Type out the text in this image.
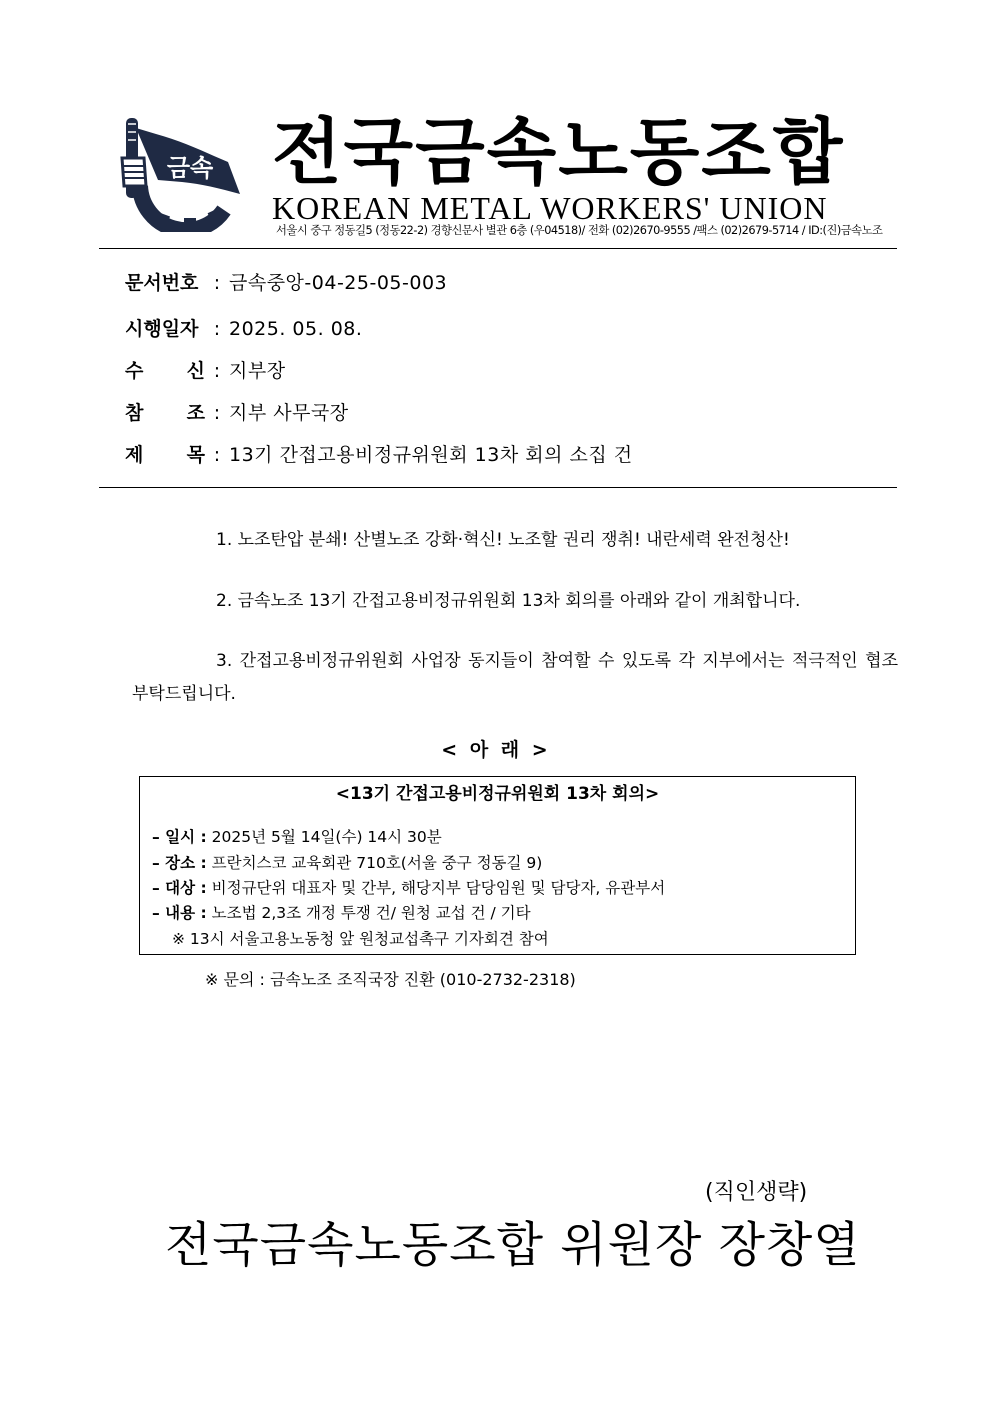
금속 전국금속노동조합
KOREAN METAL WORKERS' UNION
서울시 중구 정동길5 (정동22-2) 경향신문사 별관 6층 (우04518)/ 전화 (02)2670-9555 /팩스 (02)2679-5714 / ID:(진)금속노조
문서번호 : 금속중앙-04-25-05-003
시행일자 : 2025. 05. 08.
수 신 : 지부장
참 조 : 지부 사무국장
제 목 : 13기 간접고용비정규위원회 13차 회의 소집 건
1. 노조탄압 분쇄! 산별노조 강화·혁신! 노조할 권리 쟁취! 내란세력 완전청산!
2. 금속노조 13기 간접고용비정규위원회 13차 회의를 아래와 같이 개최합니다.
3. 간접고용비정규위원회 사업장 동지들이 참여할 수 있도록 각 지부에서는 적극적인 협조 부탁드립니다.
< 아 래 >
<13기 간접고용비정규위원회 13차 회의>
– 일시 : 2025년 5월 14일(수) 14시 30분
– 장소 : 프란치스코 교육회관 710호(서울 중구 정동길 9)
– 대상 : 비정규단위 대표자 및 간부, 해당지부 담당임원 및 담당자, 유관부서
– 내용 : 노조법 2,3조 개정 투쟁 건/ 원청 교섭 건 / 기타
※ 13시 서울고용노동청 앞 원청교섭촉구 기자회견 참여
※ 문의 : 금속노조 조직국장 진환 (010-2732-2318)
(직인생략)
전국금속노동조합 위원장 장창열
